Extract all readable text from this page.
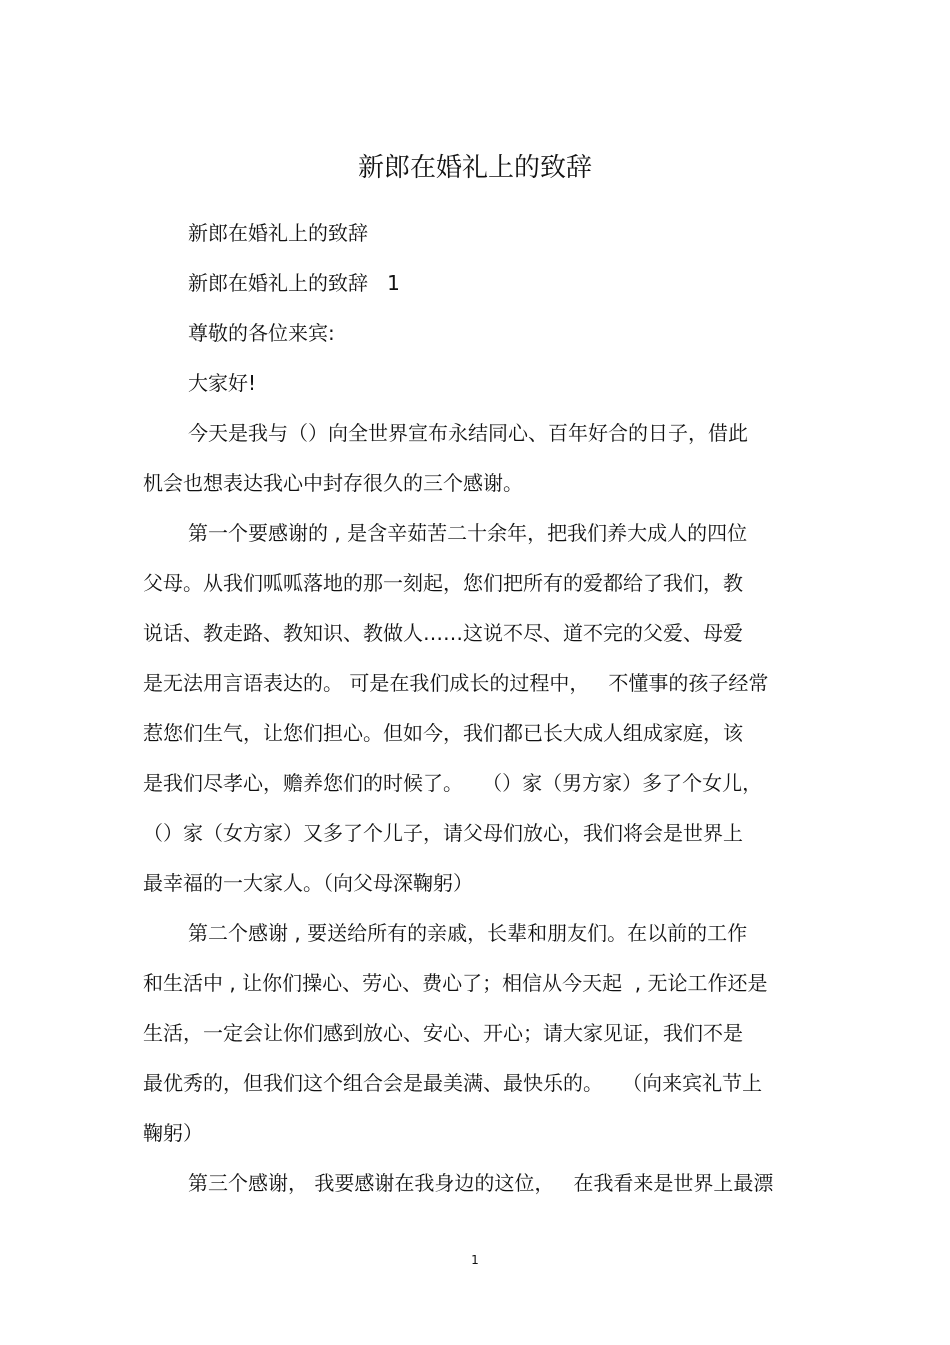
新郎在婚礼上的致辞

新郎在婚礼上的致辞

新郎在婚礼上的致辞   1

尊敬的各位来宾:

大家好!

今天是我与（）向全世界宣布永结同心、百年好合的日子，借此

机会也想表达我心中封存很久的三个感谢。

第一个要感谢的 , 是含辛茹苦二十余年，把我们养大成人的四位

父母。从我们呱呱落地的那一刻起，您们把所有的爱都给了我们，教

说话、教走路、教知识、教做人……这说不尽、道不完的父爱、母爱

是无法用言语表达的。 可是在我们成长的过程中，   不懂事的孩子经常

惹您们生气，让您们担心。但如今，我们都已长大成人组成家庭，该

是我们尽孝心，赡养您们的时候了。   （）家（男方家）多了个女儿，

（）家（女方家）又多了个儿子，请父母们放心，我们将会是世界上

最幸福的一大家人。（向父母深鞠躬）

第二个感谢 , 要送给所有的亲戚，长辈和朋友们。在以前的工作

和生活中 , 让你们操心、劳心、费心了；相信从今天起  , 无论工作还是

生活，一定会让你们感到放心、安心、开心；请大家见证，我们不是

最优秀的，但我们这个组合会是最美满、最快乐的。   （向来宾礼节上

鞠躬）

第三个感谢， 我要感谢在我身边的这位，   在我看来是世界上最漂

1
